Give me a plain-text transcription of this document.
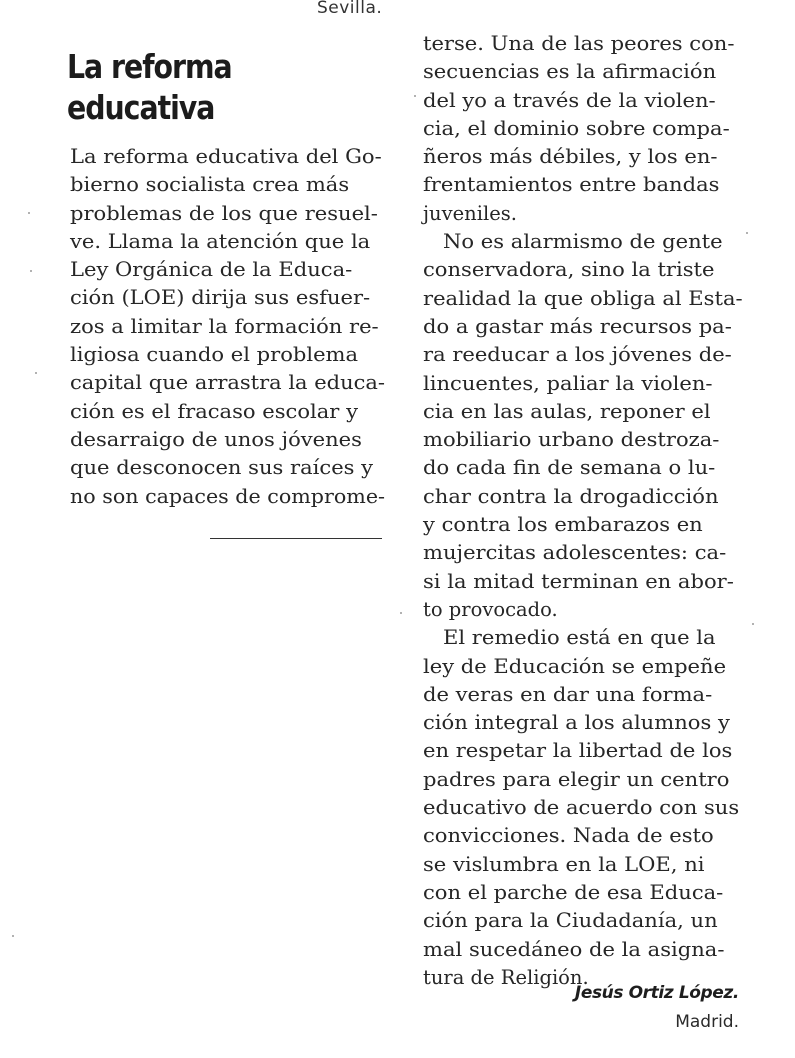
Sevilla.
La reforma
educativa
La reforma educativa del Go-
bierno socialista crea más
problemas de los que resuel-
ve. Llama la atención que la
Ley Orgánica de la Educa-
ción (LOE) dirija sus esfuer-
zos a limitar la formación re-
ligiosa cuando el problema
capital que arrastra la educa-
ción es el fracaso escolar y
desarraigo de unos jóvenes
que desconocen sus raíces y
no son capaces de comprome-
terse. Una de las peores con-
secuencias es la afirmación
del yo a través de la violen-
cia, el dominio sobre compa-
ñeros más débiles, y los en-
frentamientos entre bandas
juveniles.
No es alarmismo de gente
conservadora, sino la triste
realidad la que obliga al Esta-
do a gastar más recursos pa-
ra reeducar a los jóvenes de-
lincuentes, paliar la violen-
cia en las aulas, reponer el
mobiliario urbano destroza-
do cada fin de semana o lu-
char contra la drogadicción
y contra los embarazos en
mujercitas adolescentes: ca-
si la mitad terminan en abor-
to provocado.
El remedio está en que la
ley de Educación se empeñe
de veras en dar una forma-
ción integral a los alumnos y
en respetar la libertad de los
padres para elegir un centro
educativo de acuerdo con sus
convicciones. Nada de esto
se vislumbra en la LOE, ni
con el parche de esa Educa-
ción para la Ciudadanía, un
mal sucedáneo de la asigna-
tura de Religión.
Jesús Ortiz López.
Madrid.
